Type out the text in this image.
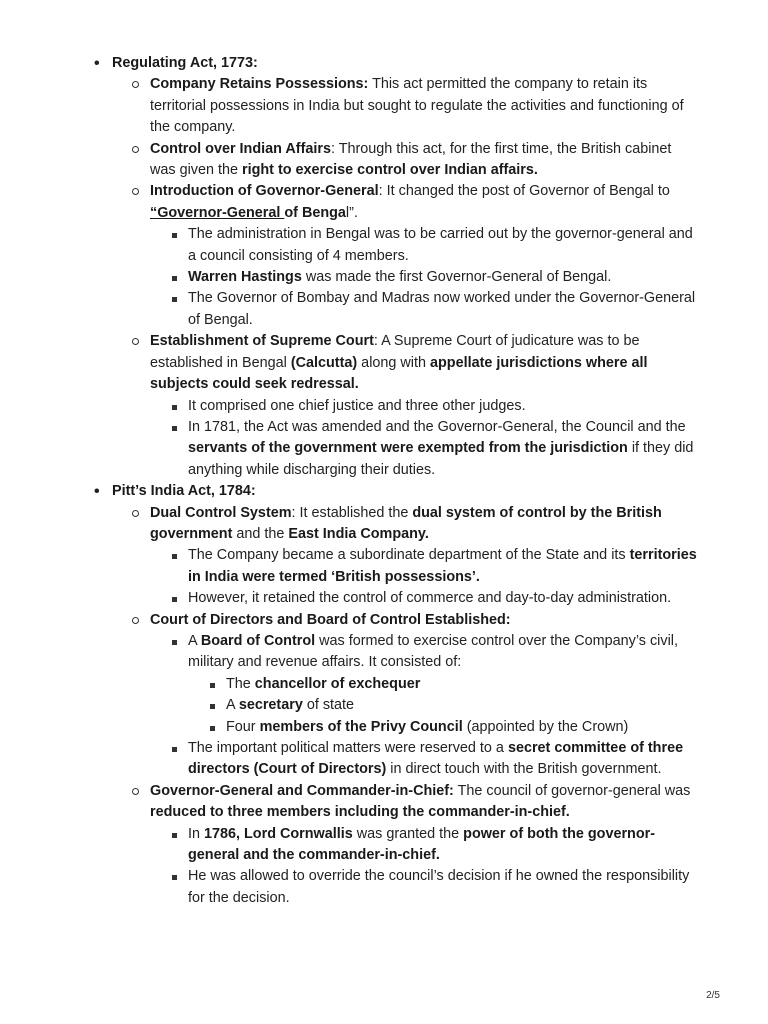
• Regulating Act, 1773:
Company Retains Possessions: This act permitted the company to retain its territorial possessions in India but sought to regulate the activities and functioning of the company.
Control over Indian Affairs: Through this act, for the first time, the British cabinet was given the right to exercise control over Indian affairs.
Introduction of Governor-General: It changed the post of Governor of Bengal to “Governor-General of Bengal”.
The administration in Bengal was to be carried out by the governor-general and a council consisting of 4 members.
Warren Hastings was made the first Governor-General of Bengal.
The Governor of Bombay and Madras now worked under the Governor-General of Bengal.
Establishment of Supreme Court: A Supreme Court of judicature was to be established in Bengal (Calcutta) along with appellate jurisdictions where all subjects could seek redressal.
It comprised one chief justice and three other judges.
In 1781, the Act was amended and the Governor-General, the Council and the servants of the government were exempted from the jurisdiction if they did anything while discharging their duties.
• Pitt’s India Act, 1784:
Dual Control System: It established the dual system of control by the British government and the East India Company.
The Company became a subordinate department of the State and its territories in India were termed ‘British possessions’.
However, it retained the control of commerce and day-to-day administration.
Court of Directors and Board of Control Established:
A Board of Control was formed to exercise control over the Company’s civil, military and revenue affairs. It consisted of:
The chancellor of exchequer
A secretary of state
Four members of the Privy Council (appointed by the Crown)
The important political matters were reserved to a secret committee of three directors (Court of Directors) in direct touch with the British government.
Governor-General and Commander-in-Chief: The council of governor-general was reduced to three members including the commander-in-chief.
In 1786, Lord Cornwallis was granted the power of both the governor-general and the commander-in-chief.
He was allowed to override the council’s decision if he owned the responsibility for the decision.
2/5
